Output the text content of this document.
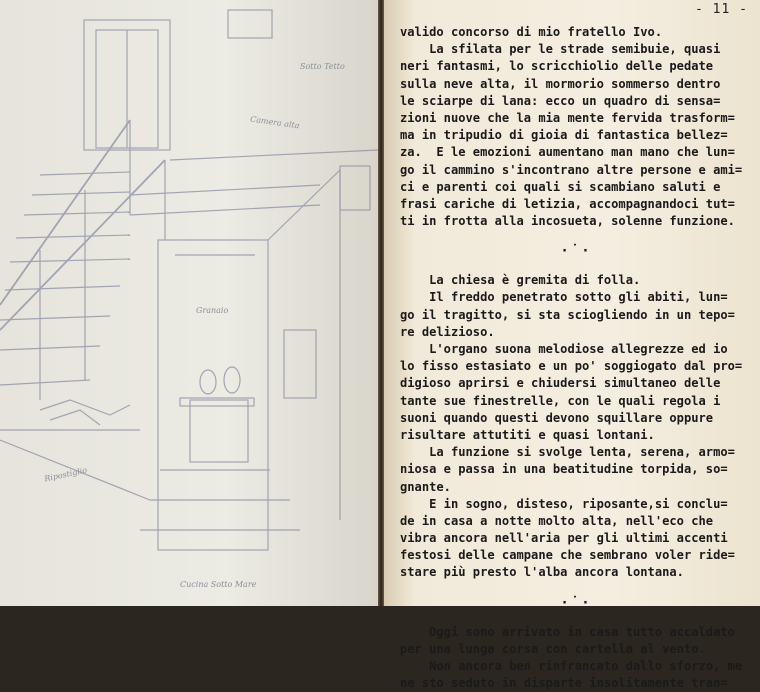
Sotto Tetto
Camera alta
Granaio
Ripostiglio
Cucina Sotto Mare
- 11 -
valido concorso di mio fratello Ivo.
La sfilata per le strade semibuie, quasi
neri fantasmi, lo scricchiolio delle pedate
sulla neve alta, il mormorio sommerso dentro
le sciarpe di lana: ecco un quadro di sensa=
zioni nuove che la mia mente fervida trasform=
ma in tripudio di gioia di fantastica bellez=
za.  E le emozioni aumentano man mano che lun=
go il cammino s'incontrano altre persone e ami=
ci e parenti coi quali si scambiano saluti e
frasi cariche di letizia, accompagnandoci tut=
ti in frotta alla incosueta, solenne funzione.
·˙·
La chiesa è gremita di folla.
Il freddo penetrato sotto gli abiti, lun=
go il tragitto, si sta sciogliendo in un tepo=
re delizioso.
L'organo suona melodiose allegrezze ed io
lo fisso estasiato e un po' soggiogato dal pro=
digioso aprirsi e chiudersi simultaneo delle
tante sue finestrelle, con le quali regola i
suoni quando questi devono squillare oppure
risultare attutiti e quasi lontani.
La funzione si svolge lenta, serena, armo=
niosa e passa in una beatitudine torpida, so=
gnante.
E in sogno, disteso, riposante,si conclu=
de in casa a notte molto alta, nell'eco che
vibra ancora nell'aria per gli ultimi accenti
festosi delle campane che sembrano voler ride=
stare più presto l'alba ancora lontana.
·˙·
Oggi sono arrivato in casa tutto accaldato
per una lunga corsa con cartella al vento.
Non ancora ben rinfrancato dallo sforzo, me
ne sto seduto in disparte insolitamente tran=
